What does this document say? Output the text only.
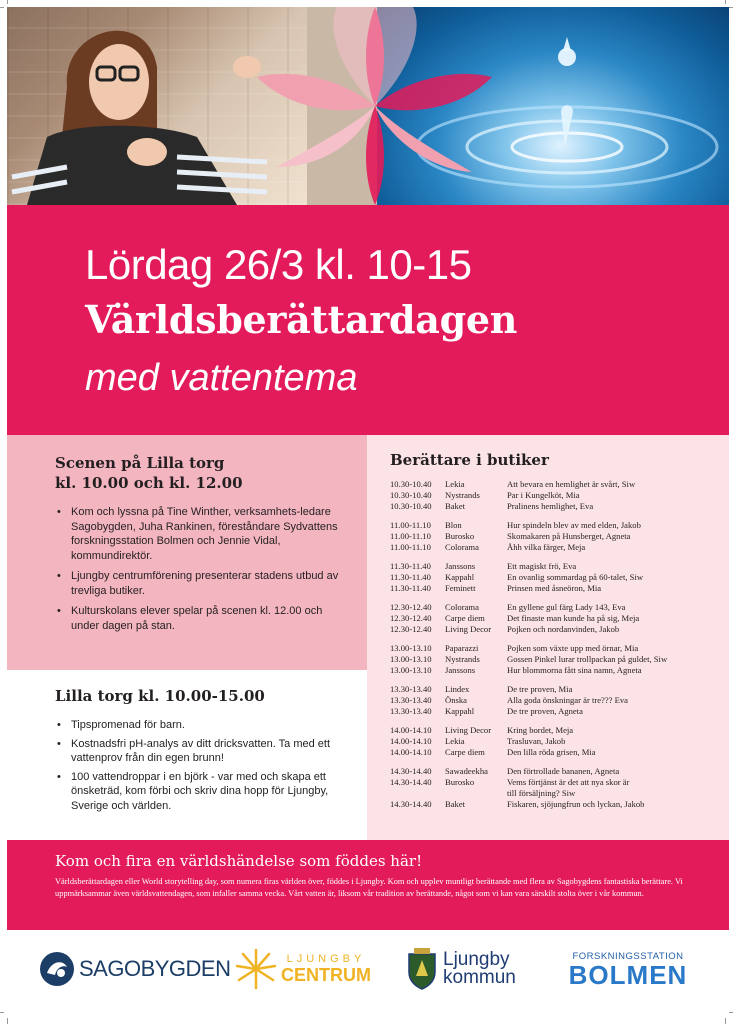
Lördag 26/3 kl. 10-15
Världsberättardagen
med vattentema
Scenen på Lilla torg
kl. 10.00 och kl. 12.00
• Kom och lyssna på Tine Winther, verksamhets-ledare Sagobygden, Juha Rankinen, föreståndare Sydvattens forskningsstation Bolmen och Jennie Vidal, kommundirektör.
• Ljungby centrumförening presenterar stadens utbud av trevliga butiker.
• Kulturskolans elever spelar på scenen kl. 12.00 och under dagen på stan.
Lilla torg kl. 10.00-15.00
• Tipspromenad för barn.
• Kostnadsfri pH-analys av ditt dricksvatten. Ta med ett vattenprov från din egen brunn!
• 100 vattendroppar i en björk - var med och skapa ett önsketräd, kom förbi och skriv dina hopp för Ljungby, Sverige och världen.
Berättare i butiker
10.30-10.40	Lekia	Att bevara en hemlighet är svårt, Siw
10.30-10.40	Nystrands	Par i Kungelköt, Mia
10.30-10.40	Baket	Pralinens hemlighet, Eva
11.00-11.10	Blon	Hur spindeln blev av med elden, Jakob
11.00-11.10	Burosko	Skomakaren på Hunsberget, Agneta
11.00-11.10	Colorama	Åhh vilka färger, Meja
11.30-11.40	Janssons	Ett magiskt frö, Eva
11.30-11.40	Kappahl	En ovanlig sommardag på 60-talet, Siw
11.30-11.40	Feminett	Prinsen med åsneöron, Mia
12.30-12.40	Colorama	En gyllene gul färg Lady 143, Eva
12.30-12.40	Carpe diem	Det finaste man kunde ha på sig, Meja
12.30-12.40	Living Decor	Pojken och nordanvinden, Jakob
13.00-13.10	Paparazzi	Pojken som växte upp med örnar, Mia
13.00-13.10	Nystrands	Gossen Pinkel lurar trollpackan på guldet, Siw
13.00-13.10	Janssons	Hur blommorna fått sina namn, Agneta
13.30-13.40	Lindex	De tre proven, Mia
13.30-13.40	Önska	Alla goda önskningar är tre??? Eva
13.30-13.40	Kappahl	De tre proven, Agneta
14.00-14.10	Living Decor	Kring bordet, Meja
14.00-14.10	Lekia	Trasluvan, Jakob
14.00-14.10	Carpe diem	Den lilla röda grisen, Mia
14.30-14.40	Sawadeekha	Den förtrollade bananen, Agneta
14.30-14.40	Burosko	Vems förtjänst är det att nya skor är
till försäljning? Siw
14.30-14.40	Baket	Fiskaren, sjöjungfrun och lyckan, Jakob
Kom och fira en världshändelse som föddes här!
Världsberättardagen eller World storytelling day, som numera firas världen över, föddes i Ljungby. Kom och upplev muntligt berättande med flera av Sagobygdens fantastiska berättare. Vi uppmärksammar även världsvattendagen, som infaller samma vecka. Vårt vatten är, liksom vår tradition av berättande, något som vi kan vara särskilt stolta över i vår kommun.
SAGOBYGDEN	LJUNGBY
CENTRUM
Ljungby
kommun
FORSKNINGSSTATION
BOLMEN
